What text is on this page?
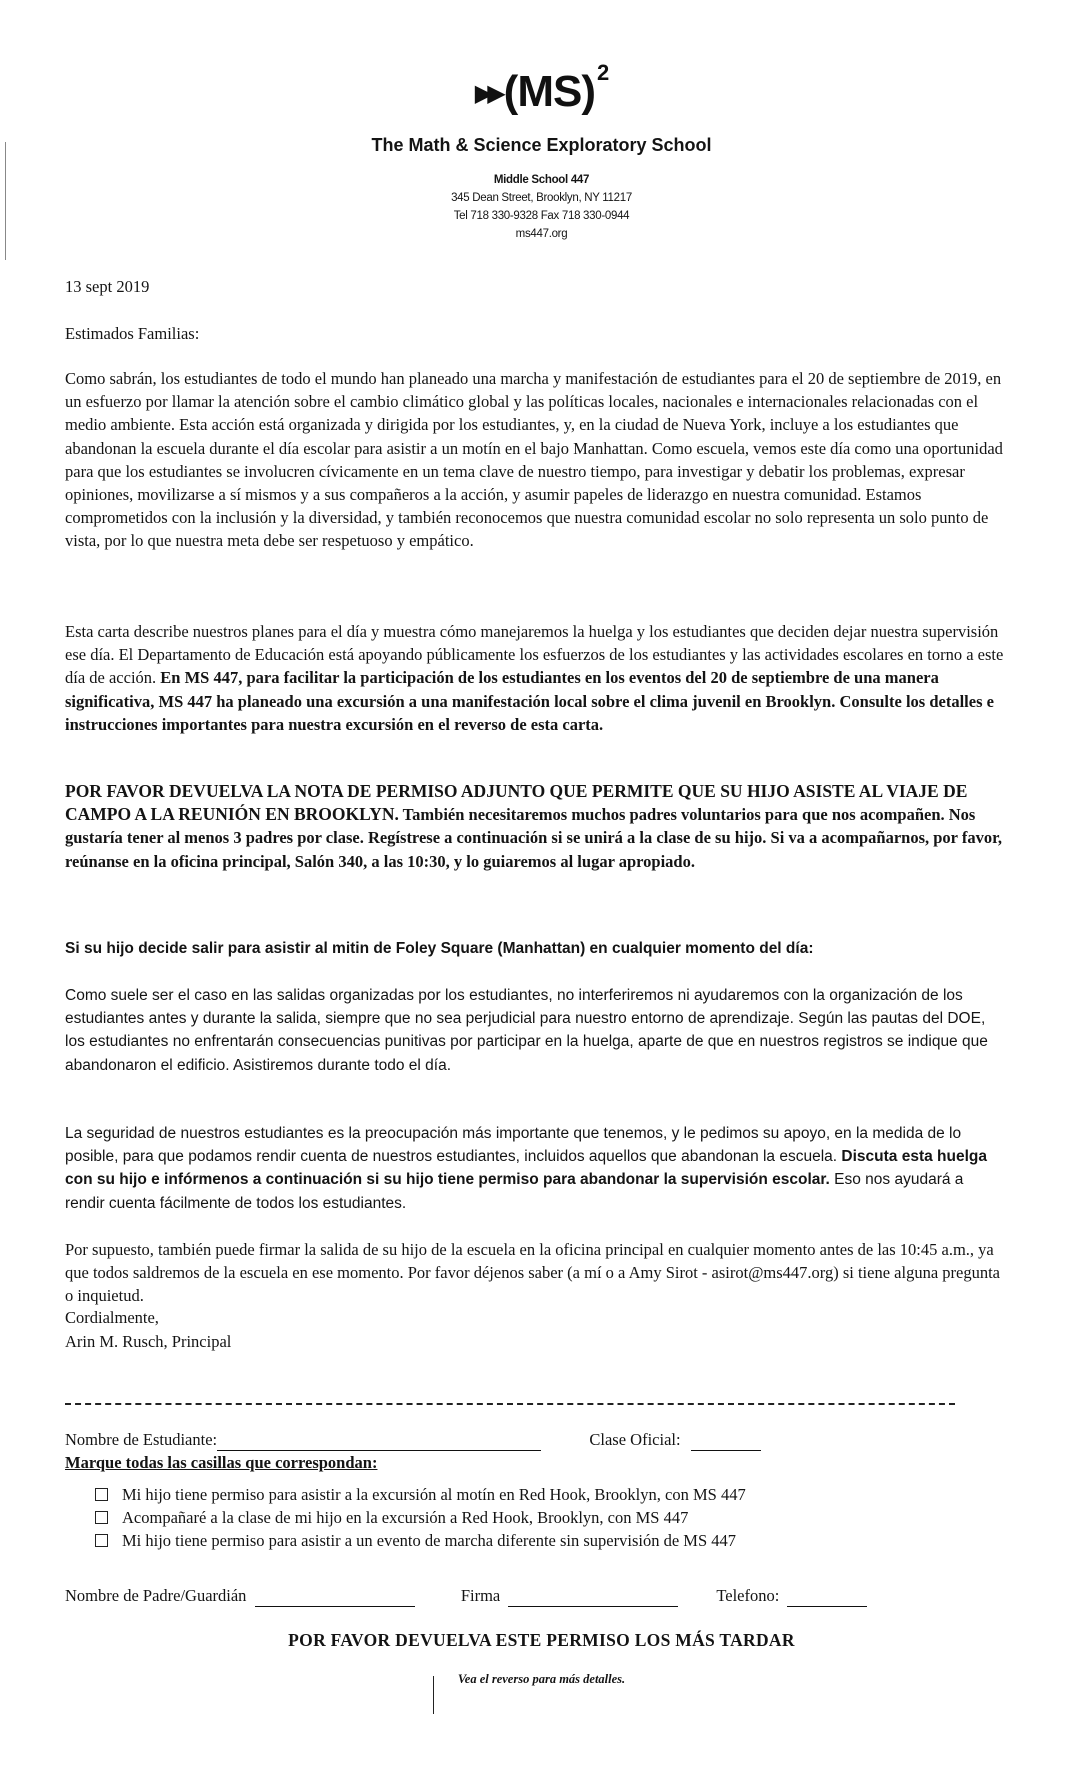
▶▶(MS)$^2$
The Math & Science Exploratory School
Middle School 447
345 Dean Street, Brooklyn, NY 11217
Tel 718 330-9328 Fax 718 330-0944
ms447.org
13 sept 2019
Estimados Familias:

Como sabrán, los estudiantes de todo el mundo han planeado una marcha y manifestación de estudiantes para el 20 de septiembre de 2019, en un esfuerzo por llamar la atención sobre el cambio climático global y las políticas locales, nacionales e internacionales relacionadas con el medio ambiente. Esta acción está organizada y dirigida por los estudiantes, y, en la ciudad de Nueva York, incluye a los estudiantes que abandonan la escuela durante el día escolar para asistir a un motín en el bajo Manhattan. Como escuela, vemos este día como una oportunidad para que los estudiantes se involucren cívicamente en un tema clave de nuestro tiempo, para investigar y debatir los problemas, expresar opiniones, movilizarse a sí mismos y a sus compañeros a la acción, y asumir papeles de liderazgo en nuestra comunidad. Estamos comprometidos con la inclusión y la diversidad, y también reconocemos que nuestra comunidad escolar no solo representa un solo punto de vista, por lo que nuestra meta debe ser respetuoso y empático.

Esta carta describe nuestros planes para el día y muestra cómo manejaremos la huelga y los estudiantes que deciden dejar nuestra supervisión ese día. El Departamento de Educación está apoyando públicamente los esfuerzos de los estudiantes y las actividades escolares en torno a este día de acción. En MS 447, para facilitar la participación de los estudiantes en los eventos del 20 de septiembre de una manera significativa, MS 447 ha planeado una excursión a una manifestación local sobre el clima juvenil en Brooklyn. Consulte los detalles e instrucciones importantes para nuestra excursión en el reverso de esta carta.

POR FAVOR DEVUELVA LA NOTA DE PERMISO ADJUNTO QUE PERMITE QUE SU HIJO ASISTE AL VIAJE DE CAMPO A LA REUNIÓN EN BROOKLYN. También necesitaremos muchos padres voluntarios para que nos acompañen. Nos gustaría tener al menos 3 padres por clase. Regístrese a continuación si se unirá a la clase de su hijo. Si va a acompañarnos, por favor, reúnanse en la oficina principal, Salón 340, a las 10:30, y lo guiaremos al lugar apropiado.

Si su hijo decide salir para asistir al mitin de Foley Square (Manhattan) en cualquier momento del día:

Como suele ser el caso en las salidas organizadas por los estudiantes, no interferiremos ni ayudaremos con la organización de los estudiantes antes y durante la salida, siempre que no sea perjudicial para nuestro entorno de aprendizaje. Según las pautas del DOE, los estudiantes no enfrentarán consecuencias punitivas por participar en la huelga, aparte de que en nuestros registros se indique que abandonaron el edificio. Asistiremos durante todo el día.

La seguridad de nuestros estudiantes es la preocupación más importante que tenemos, y le pedimos su apoyo, en la medida de lo posible, para que podamos rendir cuenta de nuestros estudiantes, incluidos aquellos que abandonan la escuela. Discuta esta huelga con su hijo e infórmenos a continuación si su hijo tiene permiso para abandonar la supervisión escolar. Eso nos ayudará a rendir cuenta fácilmente de todos los estudiantes.

Por supuesto, también puede firmar la salida de su hijo de la escuela en la oficina principal en cualquier momento antes de las 10:45 a.m., ya que todos saldremos de la escuela en ese momento. Por favor déjenos saber (a mí o a Amy Sirot - asirot@ms447.org) si tiene alguna pregunta o inquietud.

Cordialmente,
Arin M. Rusch, Principal
Nombre de Estudiante:	Clase Oficial:
Marque todas las casillas que correspondan:
Mi hijo tiene permiso para asistir a la excursión al motín en Red Hook, Brooklyn, con MS 447
Acompañaré a la clase de mi hijo en la excursión a Red Hook, Brooklyn, con MS 447
Mi hijo tiene permiso para asistir a un evento de marcha diferente sin supervisión de MS 447
Nombre de Padre/Guardián	Firma	Telefono:
POR FAVOR DEVUELVA ESTE PERMISO LOS MÁS TARDAR
Vea el reverso para más detalles.
